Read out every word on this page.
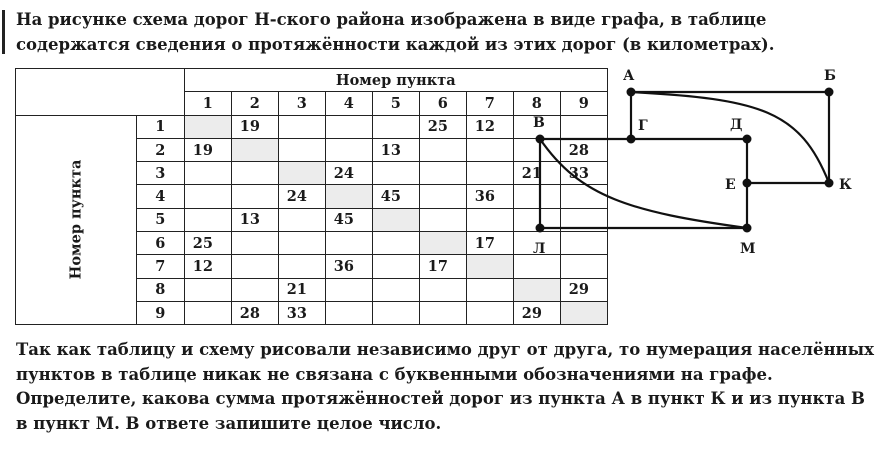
На рисунке схема дорог Н-ского района изображена в виде графа, в таблице содержатся сведения о протяжённости каждой из этих дорог (в километрах).

		Номер пункта								
		1	2	3	4	5	6	7	8	9
Номер пункта	1		19				25	12		
	2	19				13				28
	3				24				21	33
	4			24		45		36		
	5		13		45					
	6	25						17		
	7	12			36		17			
	8			21						29
	9		28	33					29	
А	Б
В	Г	Д
Е	К
Л	М

Так как таблицу и схему рисовали независимо друг от друга, то нумерация населённых пунктов в таблице никак не связана с буквенными обозначениями на графе. Определите, какова сумма протяжённостей дорог из пункта А в пункт К и из пункта В в пункт М. В ответе запишите целое число.
